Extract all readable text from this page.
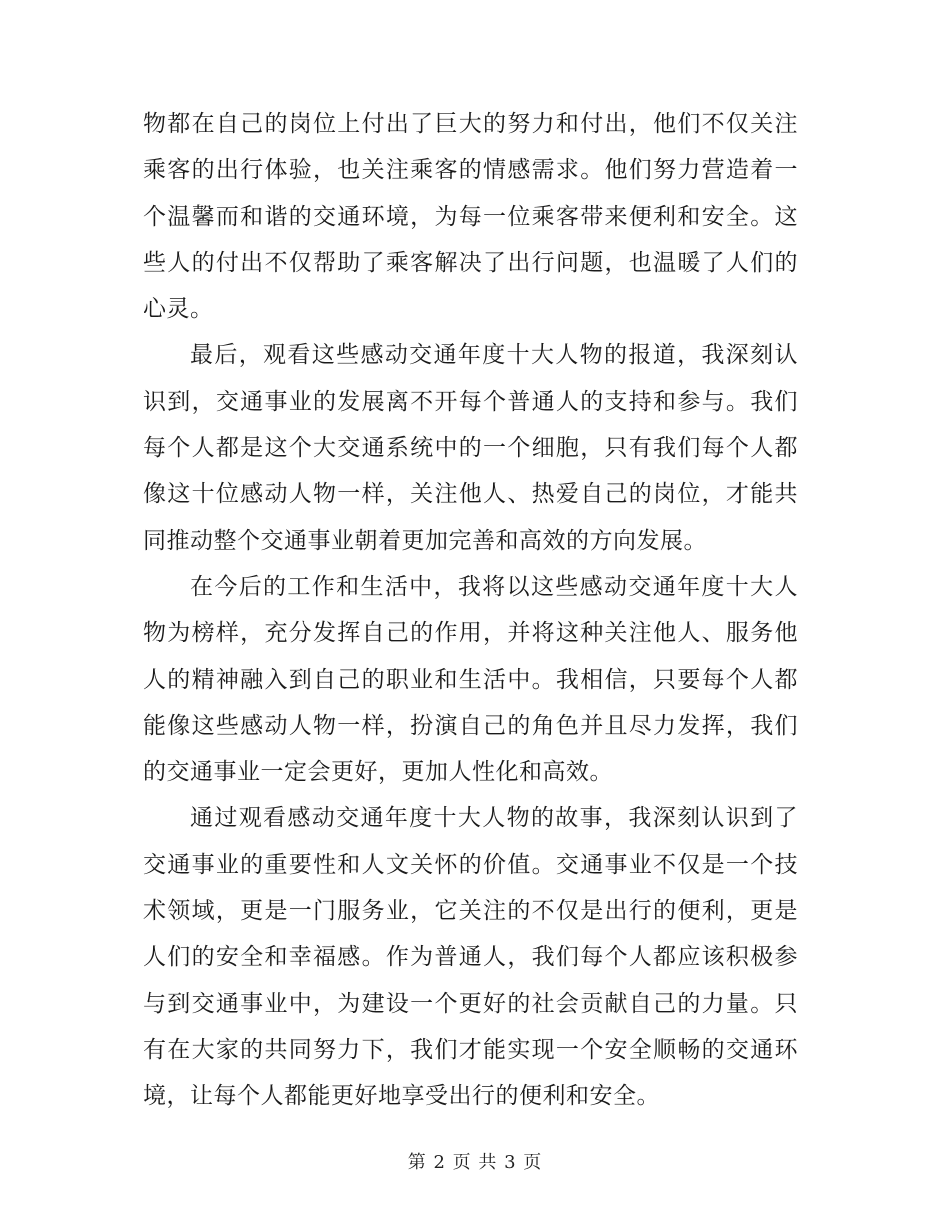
物都在自己的岗位上付出了巨大的努力和付出，他们不仅关注乘客的出行体验，也关注乘客的情感需求。他们努力营造着一个温馨而和谐的交通环境，为每一位乘客带来便利和安全。这些人的付出不仅帮助了乘客解决了出行问题，也温暖了人们的心灵。

最后，观看这些感动交通年度十大人物的报道，我深刻认识到，交通事业的发展离不开每个普通人的支持和参与。我们每个人都是这个大交通系统中的一个细胞，只有我们每个人都像这十位感动人物一样，关注他人、热爱自己的岗位，才能共同推动整个交通事业朝着更加完善和高效的方向发展。

在今后的工作和生活中，我将以这些感动交通年度十大人物为榜样，充分发挥自己的作用，并将这种关注他人、服务他人的精神融入到自己的职业和生活中。我相信，只要每个人都能像这些感动人物一样，扮演自己的角色并且尽力发挥，我们的交通事业一定会更好，更加人性化和高效。

通过观看感动交通年度十大人物的故事，我深刻认识到了交通事业的重要性和人文关怀的价值。交通事业不仅是一个技术领域，更是一门服务业，它关注的不仅是出行的便利，更是人们的安全和幸福感。作为普通人，我们每个人都应该积极参与到交通事业中，为建设一个更好的社会贡献自己的力量。只有在大家的共同努力下，我们才能实现一个安全顺畅的交通环境，让每个人都能更好地享受出行的便利和安全。

第 2 页 共 3 页
